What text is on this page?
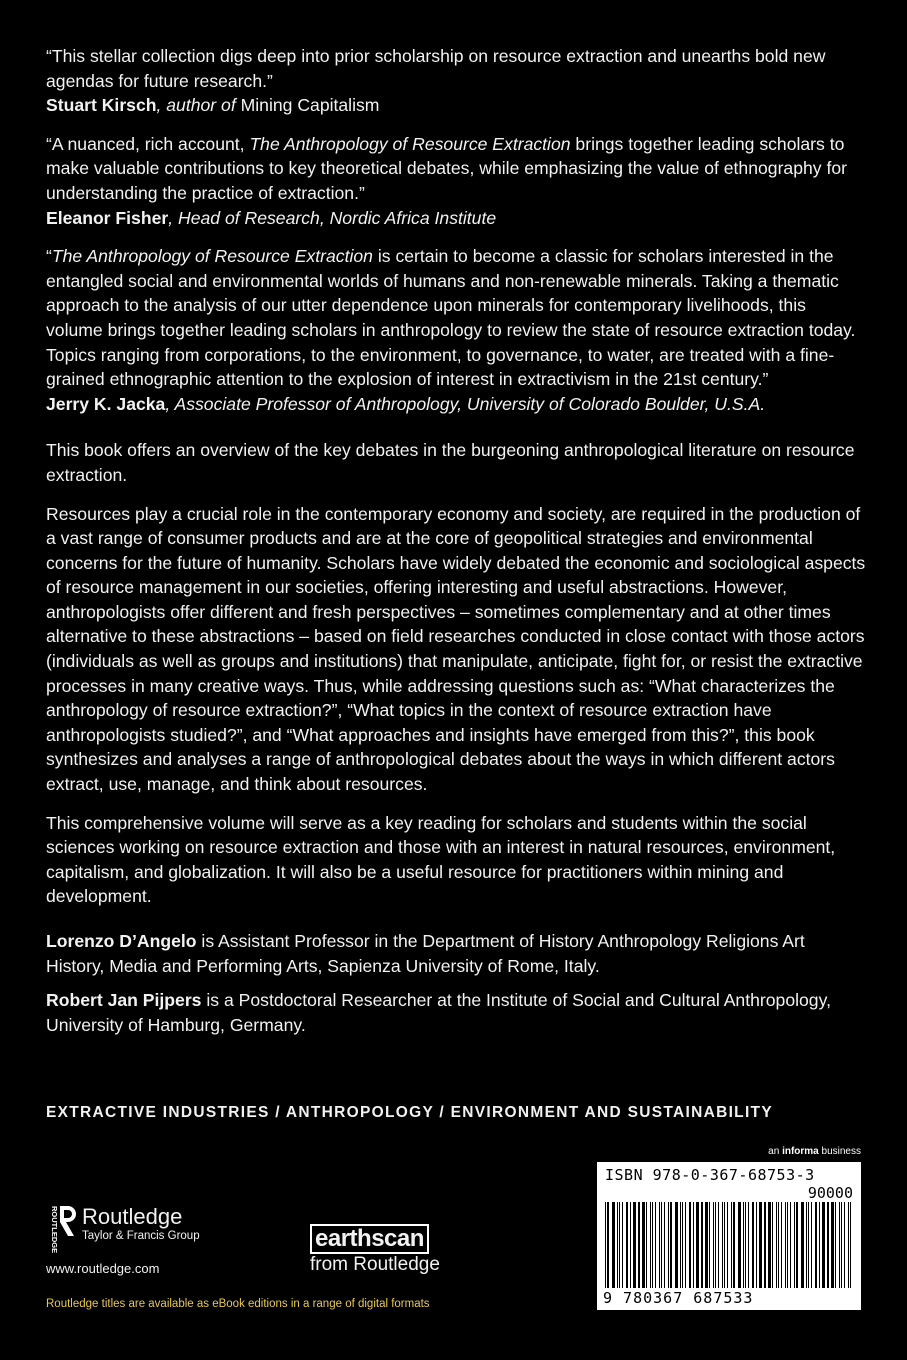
“This stellar collection digs deep into prior scholarship on resource extraction and unearths bold new agendas for future research.”

Stuart Kirsch, author of Mining Capitalism

“A nuanced, rich account, The Anthropology of Resource Extraction brings together leading scholars to make valuable contributions to key theoretical debates, while emphasizing the value of ethnography for understanding the practice of extraction.”

Eleanor Fisher, Head of Research, Nordic Africa Institute

“The Anthropology of Resource Extraction is certain to become a classic for scholars interested in the entangled social and environmental worlds of humans and non-renewable minerals. Taking a thematic approach to the analysis of our utter dependence upon minerals for contemporary livelihoods, this volume brings together leading scholars in anthropology to review the state of resource extraction today. Topics ranging from corporations, to the environment, to governance, to water, are treated with a fine-grained ethnographic attention to the explosion of interest in extractivism in the 21st century.”

Jerry K. Jacka, Associate Professor of Anthropology, University of Colorado Boulder, U.S.A.

This book offers an overview of the key debates in the burgeoning anthropological literature on resource extraction.

Resources play a crucial role in the contemporary economy and society, are required in the production of a vast range of consumer products and are at the core of geopolitical strategies and environmental concerns for the future of humanity. Scholars have widely debated the economic and sociological aspects of resource management in our societies, offering interesting and useful abstractions. However, anthropologists offer different and fresh perspectives – sometimes complementary and at other times alternative to these abstractions – based on field researches conducted in close contact with those actors (individuals as well as groups and institutions) that manipulate, anticipate, fight for, or resist the extractive processes in many creative ways. Thus, while addressing questions such as: “What characterizes the anthropology of resource extraction?”, “What topics in the context of resource extraction have anthropologists studied?”, and “What approaches and insights have emerged from this?”, this book synthesizes and analyses a range of anthropological debates about the ways in which different actors extract, use, manage, and think about resources.

This comprehensive volume will serve as a key reading for scholars and students within the social sciences working on resource extraction and those with an interest in natural resources, environment, capitalism, and globalization. It will also be a useful resource for practitioners within mining and development.

Lorenzo D’Angelo is Assistant Professor in the Department of History Anthropology Religions Art History, Media and Performing Arts, Sapienza University of Rome, Italy.

Robert Jan Pijpers is a Postdoctoral Researcher at the Institute of Social and Cultural Anthropology, University of Hamburg, Germany.

EXTRACTIVE INDUSTRIES / ANTHROPOLOGY / ENVIRONMENT AND SUSTAINABILITY
an informa business
ISBN 978-0-367-68753-3
90000
9 780367 687533
ROUTLEDGE Routledge
Taylor & Francis Group
www.routledge.com
earthscan
from Routledge
Routledge titles are available as eBook editions in a range of digital formats
